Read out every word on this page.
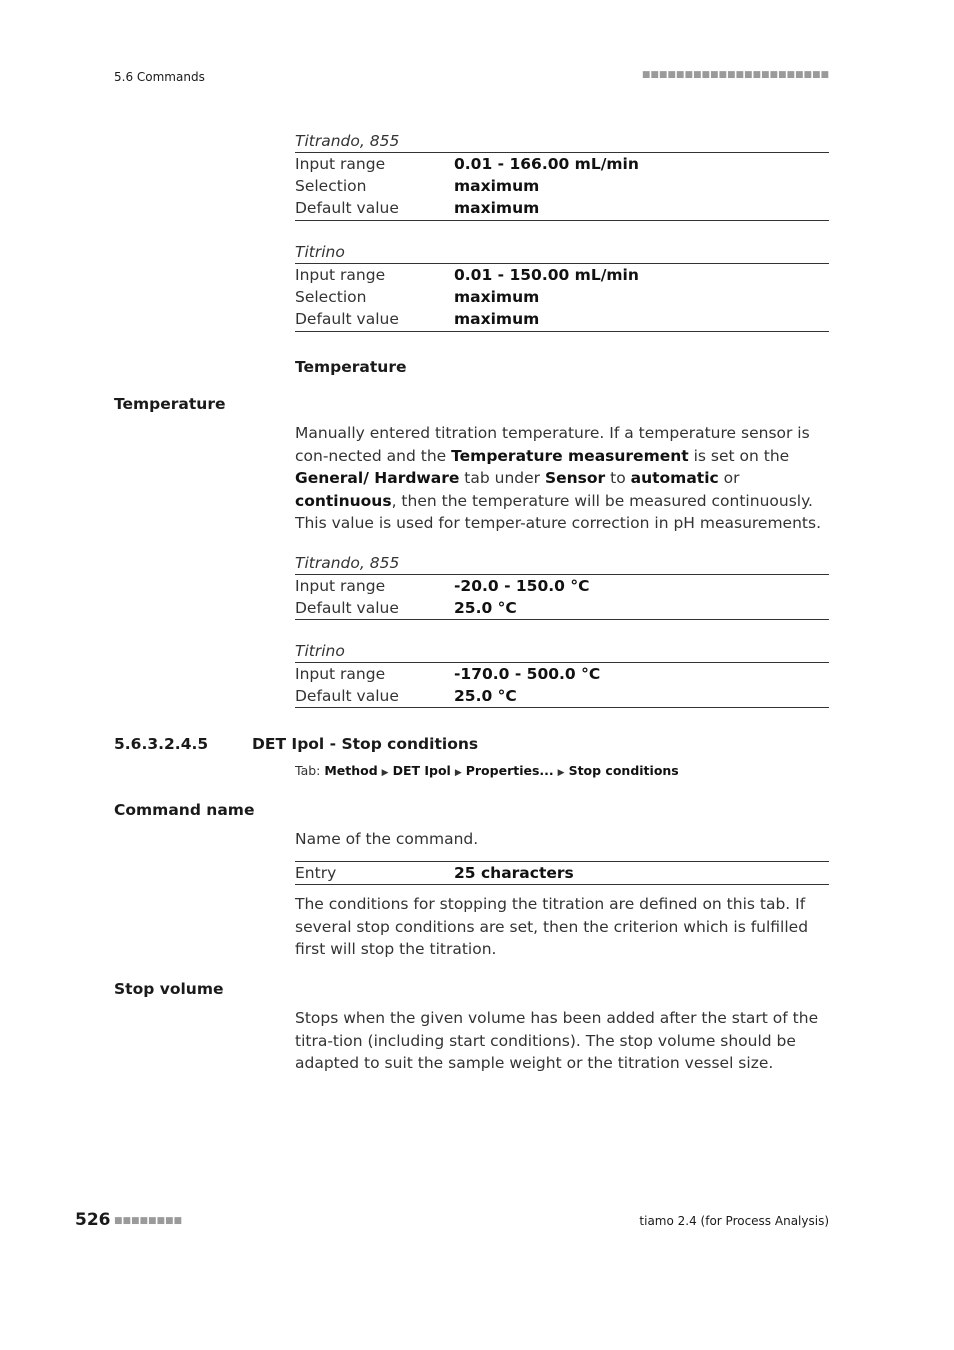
5.6 Commands	■■■■■■■■■■■■■■■■■■■■■■
Titrando, 855
Input range	0.01 - 166.00 mL/min
Selection	maximum
Default value	maximum
Titrino
Input range	0.01 - 150.00 mL/min
Selection	maximum
Default value	maximum
Temperature
Temperature
Manually entered titration temperature. If a temperature sensor is con-nected and the Temperature measurement is set on the General/ Hardware tab under Sensor to automatic or continuous, then the temperature will be measured continuously. This value is used for temper-ature correction in pH measurements.
Titrando, 855
Input range	-20.0 - 150.0 °C
Default value	25.0 °C
Titrino
Input range	-170.0 - 500.0 °C
Default value	25.0 °C
5.6.3.2.4.5	DET Ipol - Stop conditions
Tab: Method ▶ DET Ipol ▶ Properties... ▶ Stop conditions
Command name
Name of the command.
Entry	25 characters
The conditions for stopping the titration are defined on this tab. If several stop conditions are set, then the criterion which is fulfilled first will stop the titration.
Stop volume
Stops when the given volume has been added after the start of the titra-tion (including start conditions). The stop volume should be adapted to suit the sample weight or the titration vessel size.
526 ■■■■■■■■	tiamo 2.4 (for Process Analysis)
